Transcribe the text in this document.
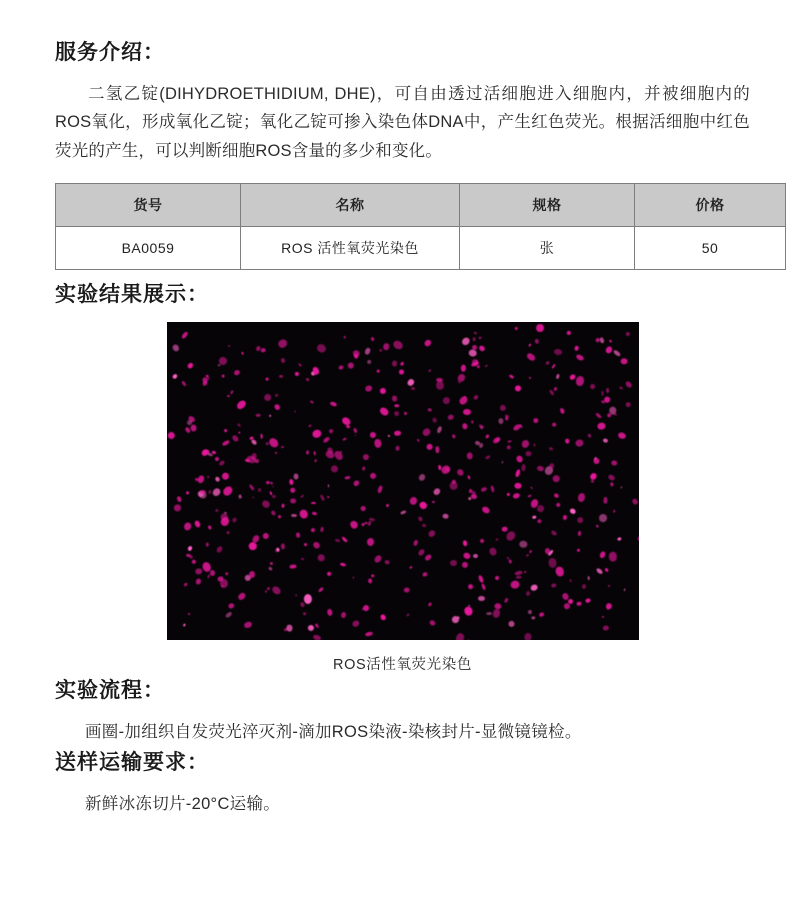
服务介绍：

二氢乙锭(DIHYDROETHIDIUM, DHE)，可自由透过活细胞进入细胞内，并被细胞内的ROS氧化，形成氧化乙锭；氧化乙锭可掺入染色体DNA中，产生红色荧光。根据活细胞中红色荧光的产生，可以判断细胞ROS含量的多少和变化。

货号	名称	规格	价格
BA0059	ROS 活性氧荧光染色	张	50
实验结果展示：
ROS活性氧荧光染色
实验流程：

画圈-加组织自发荧光淬灭剂-滴加ROS染液-染核封片-显微镜镜检。

送样运输要求：

新鲜冰冻切片-20°C运输。
